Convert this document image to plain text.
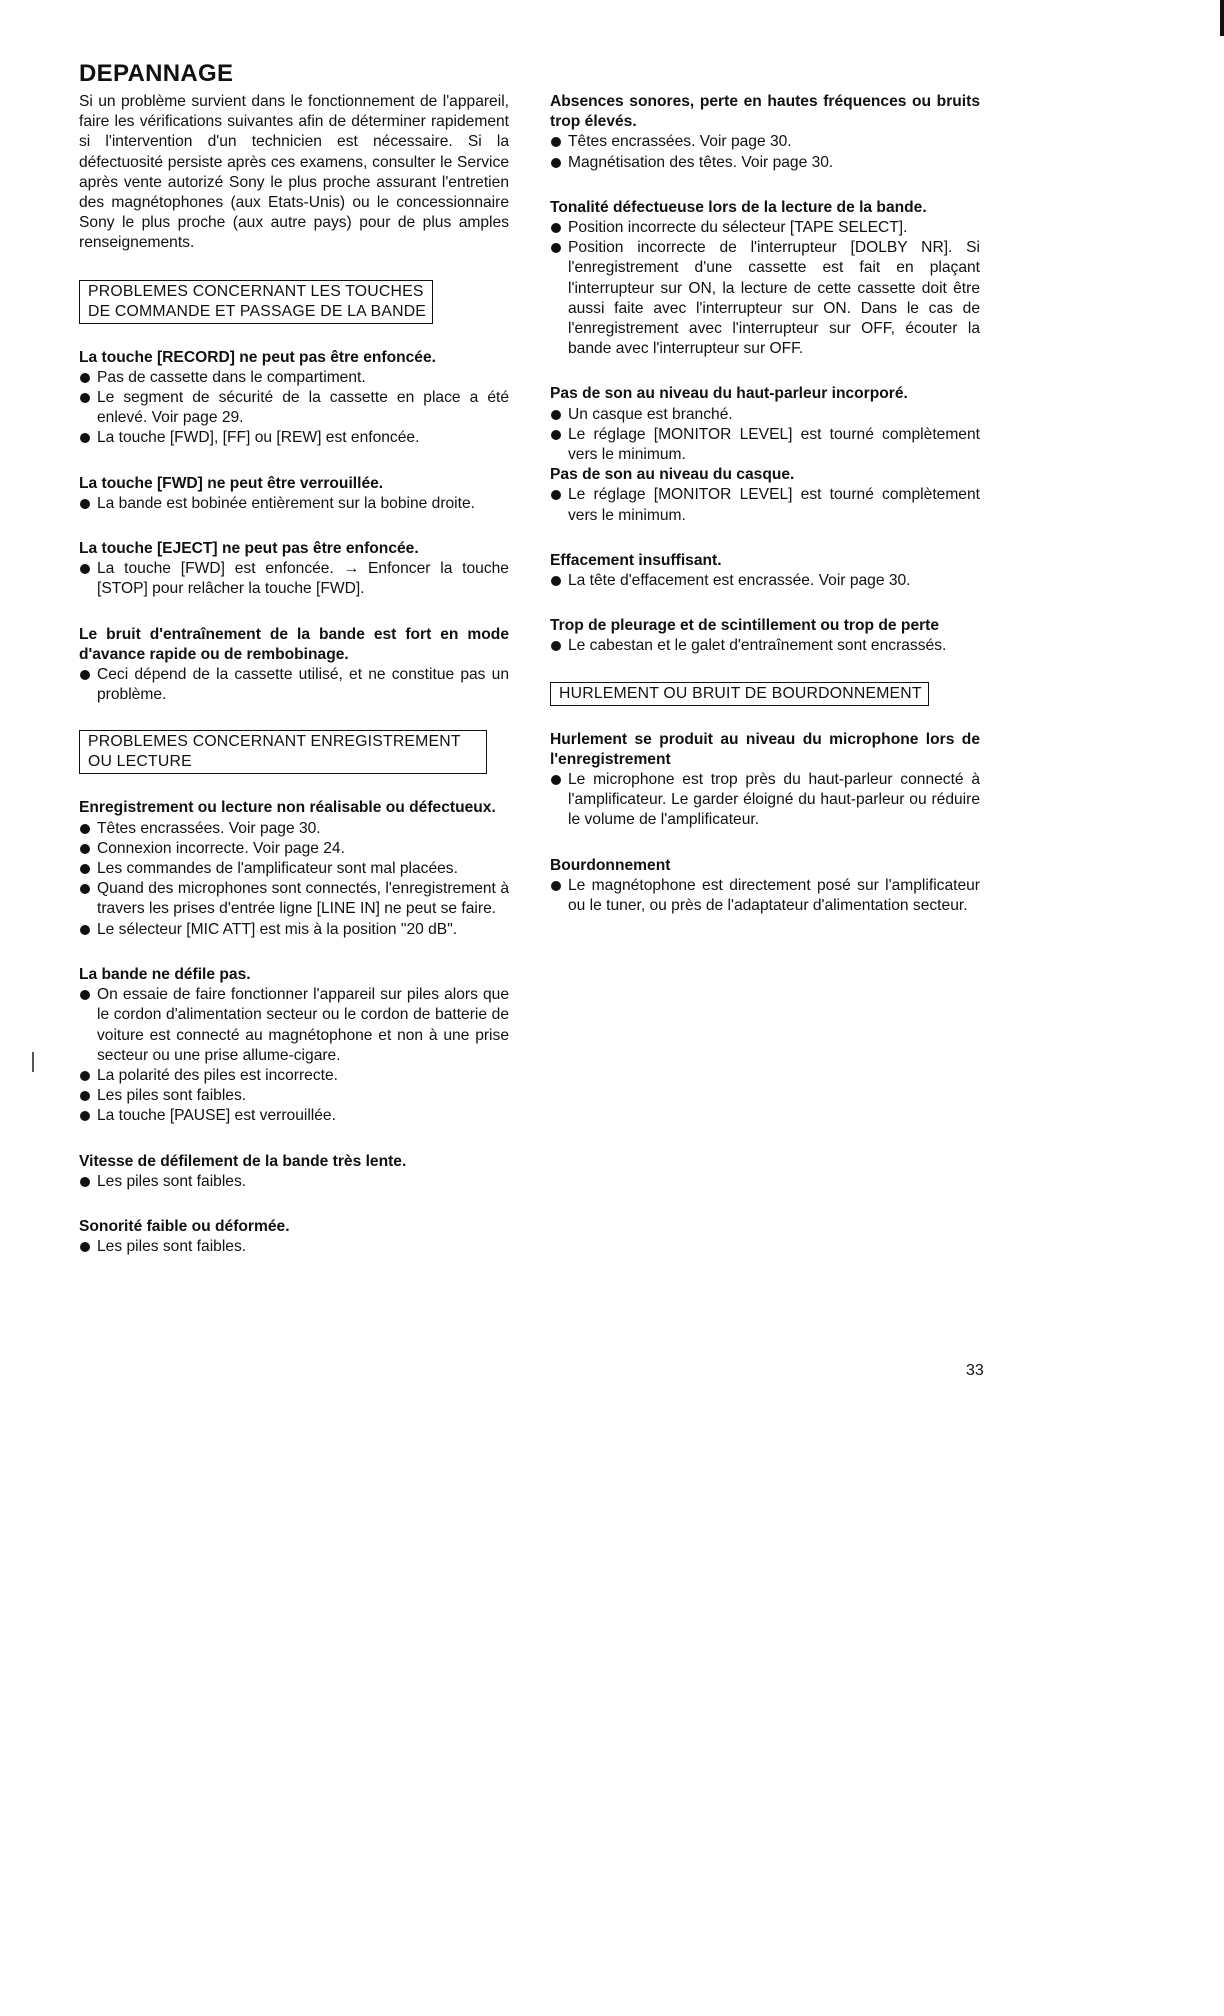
DEPANNAGE

Si un problème survient dans le fonctionnement de l'appareil, faire les vérifications suivantes afin de déterminer rapidement si l'intervention d'un technicien est nécessaire. Si la défectuosité persiste après ces examens, consulter le Service après vente autorizé Sony le plus proche assurant l'entretien des magnétophones (aux Etats-Unis) ou le concessionnaire Sony le plus proche (aux autre pays) pour de plus amples renseignements.

PROBLEMES CONCERNANT LES TOUCHES
DE COMMANDE ET PASSAGE DE LA BANDE
La touche [RECORD] ne peut pas être enfoncée.
Pas de cassette dans le compartiment.
Le segment de sécurité de la cassette en place a été enlevé. Voir page 29.
La touche [FWD], [FF] ou [REW] est enfoncée.
La touche [FWD] ne peut être verrouillée.
La bande est bobinée entièrement sur la bobine droite.
La touche [EJECT] ne peut pas être enfoncée.
La touche [FWD] est enfoncée. → Enfoncer la touche [STOP] pour relâcher la touche [FWD].
Le bruit d'entraînement de la bande est fort en mode d'avance rapide ou de rembobinage.
Ceci dépend de la cassette utilisé, et ne constitue pas un problème.
PROBLEMES CONCERNANT ENREGISTREMENT
OU LECTURE
Enregistrement ou lecture non réalisable ou défectueux.
Têtes encrassées. Voir page 30.
Connexion incorrecte. Voir page 24.
Les commandes de l'amplificateur sont mal placées.
Quand des microphones sont connectés, l'enregistrement à travers les prises d'entrée ligne [LINE IN] ne peut se faire.
Le sélecteur [MIC ATT] est mis à la position "20 dB".
La bande ne défile pas.
On essaie de faire fonctionner l'appareil sur piles alors que le cordon d'alimentation secteur ou le cordon de batterie de voiture est connecté au magnétophone et non à une prise secteur ou une prise allume-cigare.
La polarité des piles est incorrecte.
Les piles sont faibles.
La touche [PAUSE] est verrouillée.
Vitesse de défilement de la bande très lente.
Les piles sont faibles.
Sonorité faible ou déformée.
Les piles sont faibles.
Absences sonores, perte en hautes fréquences ou bruits trop élevés.
Têtes encrassées. Voir page 30.
Magnétisation des têtes. Voir page 30.
Tonalité défectueuse lors de la lecture de la bande.
Position incorrecte du sélecteur [TAPE SELECT].
Position incorrecte de l'interrupteur [DOLBY NR]. Si l'enregistrement d'une cassette est fait en plaçant l'interrupteur sur ON, la lecture de cette cassette doit être aussi faite avec l'interrupteur sur ON. Dans le cas de l'enregistrement avec l'interrupteur sur OFF, écouter la bande avec l'interrupteur sur OFF.
Pas de son au niveau du haut-parleur incorporé.
Un casque est branché.
Le réglage [MONITOR LEVEL] est tourné complètement vers le minimum.
Pas de son au niveau du casque.
Le réglage [MONITOR LEVEL] est tourné complètement vers le minimum.
Effacement insuffisant.
La tête d'effacement est encrassée. Voir page 30.
Trop de pleurage et de scintillement ou trop de perte
Le cabestan et le galet d'entraînement sont encrassés.
HURLEMENT OU BRUIT DE BOURDONNEMENT
Hurlement se produit au niveau du microphone lors de l'enregistrement
Le microphone est trop près du haut-parleur connecté à l'amplificateur. Le garder éloigné du haut-parleur ou réduire le volume de l'amplificateur.
Bourdonnement
Le magnétophone est directement posé sur l'amplificateur ou le tuner, ou près de l'adaptateur d'alimentation secteur.
33
